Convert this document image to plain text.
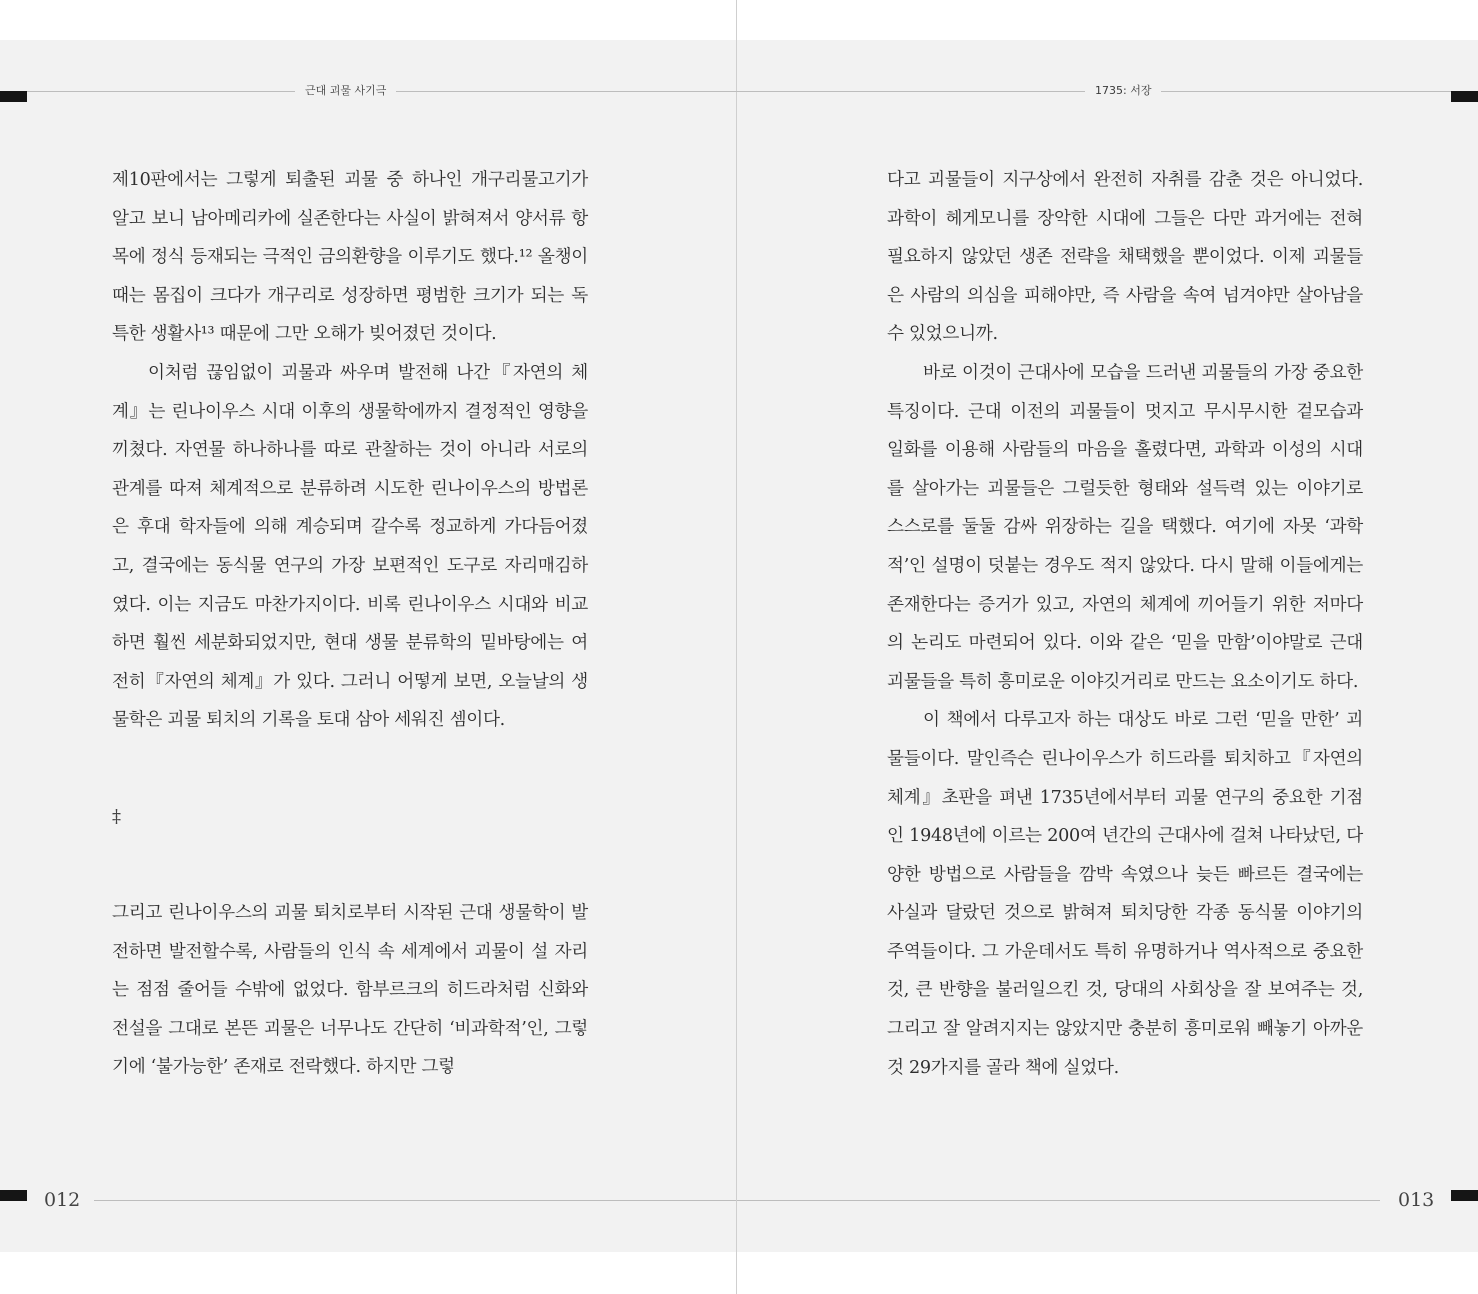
근대 괴물 사기극	1735: 서장
012	013

제10판에서는 그렇게 퇴출된 괴물 중 하나인 개구리물고기가 알고 보니 남아메리카에 실존한다는 사실이 밝혀져서 양서류 항목에 정식 등재되는 극적인 금의환향을 이루기도 했다.¹² 올챙이 때는 몸집이 크다가 개구리로 성장하면 평범한 크기가 되는 독특한 생활사¹³ 때문에 그만 오해가 빚어졌던 것이다.

이처럼 끊임없이 괴물과 싸우며 발전해 나간『자연의 체계』는 린나이우스 시대 이후의 생물학에까지 결정적인 영향을 끼쳤다. 자연물 하나하나를 따로 관찰하는 것이 아니라 서로의 관계를 따져 체계적으로 분류하려 시도한 린나이우스의 방법론은 후대 학자들에 의해 계승되며 갈수록 정교하게 가다듬어졌고, 결국에는 동식물 연구의 가장 보편적인 도구로 자리매김하였다. 이는 지금도 마찬가지이다. 비록 린나이우스 시대와 비교하면 훨씬 세분화되었지만, 현대 생물 분류학의 밑바탕에는 여전히『자연의 체계』가 있다. 그러니 어떻게 보면, 오늘날의 생물학은 괴물 퇴치의 기록을 토대 삼아 세워진 셈이다.

‡

그리고 린나이우스의 괴물 퇴치로부터 시작된 근대 생물학이 발전하면 발전할수록, 사람들의 인식 속 세계에서 괴물이 설 자리는 점점 줄어들 수밖에 없었다. 함부르크의 히드라처럼 신화와 전설을 그대로 본뜬 괴물은 너무나도 간단히 ‘비과학적’인, 그렇기에 ‘불가능한’ 존재로 전락했다. 하지만 그렇

다고 괴물들이 지구상에서 완전히 자취를 감춘 것은 아니었다. 과학이 헤게모니를 장악한 시대에 그들은 다만 과거에는 전혀 필요하지 않았던 생존 전략을 채택했을 뿐이었다. 이제 괴물들은 사람의 의심을 피해야만, 즉 사람을 속여 넘겨야만 살아남을 수 있었으니까.

바로 이것이 근대사에 모습을 드러낸 괴물들의 가장 중요한 특징이다. 근대 이전의 괴물들이 멋지고 무시무시한 겉모습과 일화를 이용해 사람들의 마음을 홀렸다면, 과학과 이성의 시대를 살아가는 괴물들은 그럴듯한 형태와 설득력 있는 이야기로 스스로를 둘둘 감싸 위장하는 길을 택했다. 여기에 자못 ‘과학적’인 설명이 덧붙는 경우도 적지 않았다. 다시 말해 이들에게는 존재한다는 증거가 있고, 자연의 체계에 끼어들기 위한 저마다의 논리도 마련되어 있다. 이와 같은 ‘믿을 만함’이야말로 근대 괴물들을 특히 흥미로운 이야깃거리로 만드는 요소이기도 하다.

이 책에서 다루고자 하는 대상도 바로 그런 ‘믿을 만한’ 괴물들이다. 말인즉슨 린나이우스가 히드라를 퇴치하고『자연의 체계』초판을 펴낸 1735년에서부터 괴물 연구의 중요한 기점인 1948년에 이르는 200여 년간의 근대사에 걸쳐 나타났던, 다양한 방법으로 사람들을 깜박 속였으나 늦든 빠르든 결국에는 사실과 달랐던 것으로 밝혀져 퇴치당한 각종 동식물 이야기의 주역들이다. 그 가운데서도 특히 유명하거나 역사적으로 중요한 것, 큰 반향을 불러일으킨 것, 당대의 사회상을 잘 보여주는 것, 그리고 잘 알려지지는 않았지만 충분히 흥미로워 빼놓기 아까운 것 29가지를 골라 책에 실었다.
